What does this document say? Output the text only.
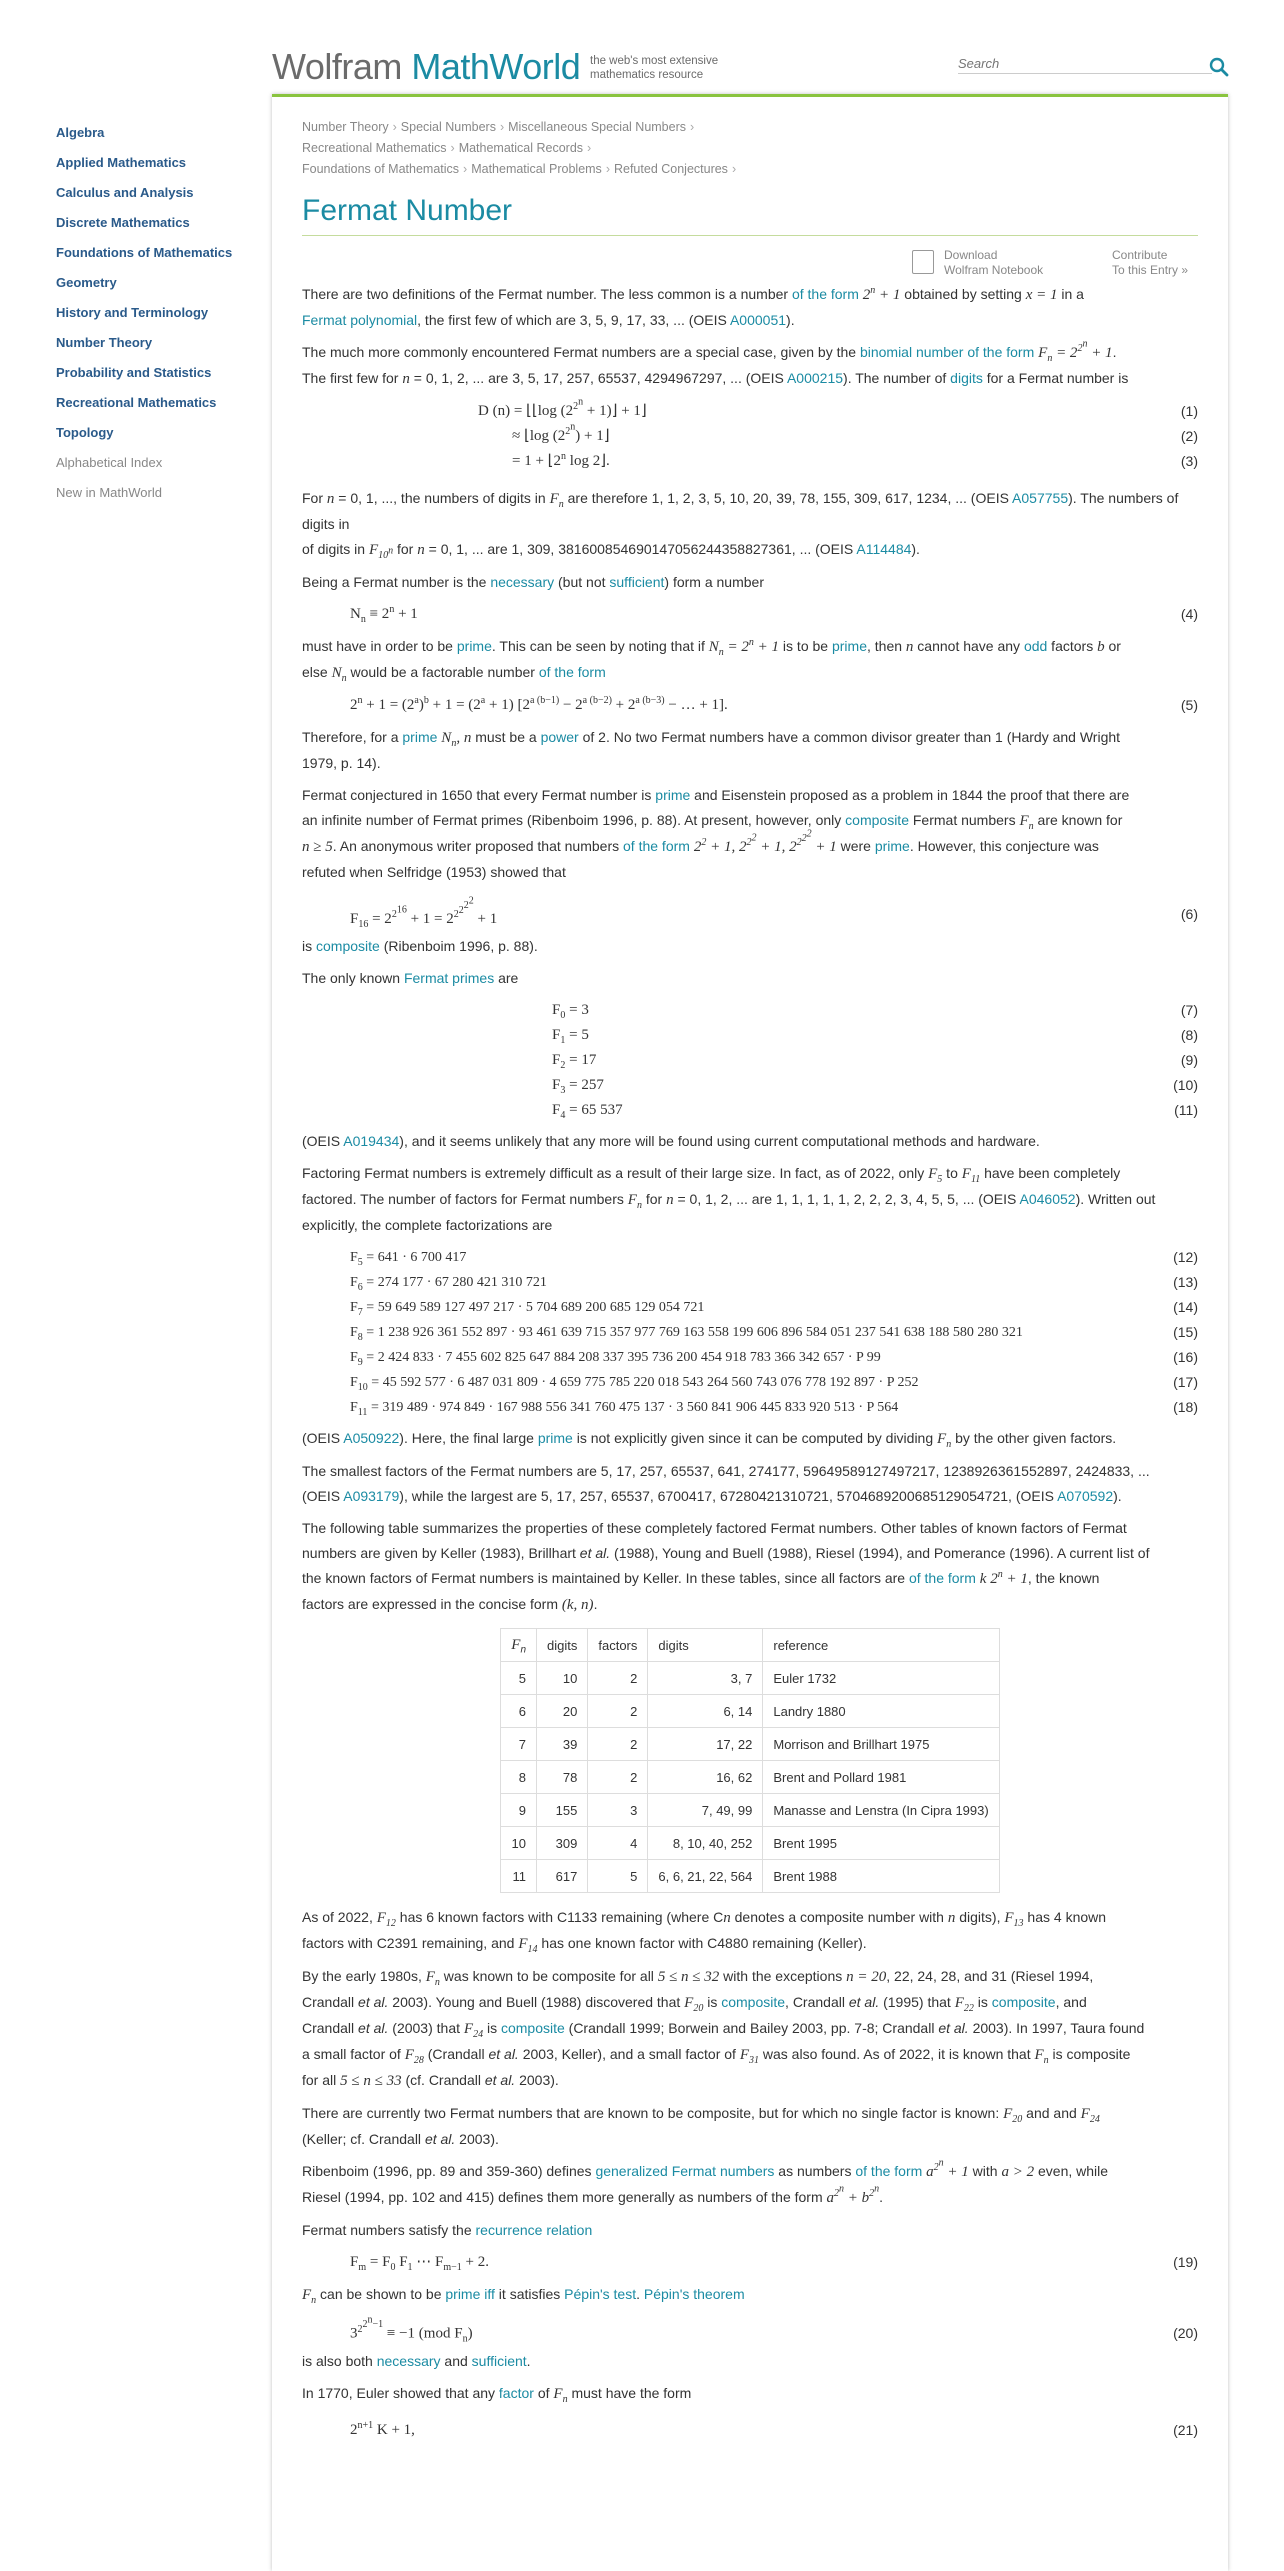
Wolfram MathWorld the web's most extensive
mathematics resource
Search
Algebra
Applied Mathematics
Calculus and Analysis
Discrete Mathematics
Foundations of Mathematics
Geometry
History and Terminology
Number Theory
Probability and Statistics
Recreational Mathematics
Topology
Alphabetical Index
New in MathWorld
Number Theory › Special Numbers › Miscellaneous Special Numbers ›
Recreational Mathematics › Mathematical Records ›
Foundations of Mathematics › Mathematical Problems › Refuted Conjectures ›
Fermat Number
Download
Wolfram Notebook
Contribute
To this Entry »

There are two definitions of the Fermat number. The less common is a number of the form $2^n + 1$ obtained by setting x = 1 in a
Fermat polynomial, the first few of which are 3, 5, 9, 17, 33, ... (OEIS A000051).

The much more commonly encountered Fermat numbers are a special case, given by the binomial number of the form $F_n = 2^{2^n} + 1$.
The first few for n = 0, 1, 2, ... are 3, 5, 17, 257, 65537, 4294967297, ... (OEIS A000215). The number of digits for a Fermat number is

D (n) = ⌊⌊log ($2^{2^n}$ + 1)⌋ + 1⌋	(1)
≈ ⌊log $(2^{2^n})$ + 1⌋	(2)
= $1 + ⌊2^n$ log 2⌋.	(3)

For n = 0, 1, ..., the numbers of digits in $F_n$ are therefore 1, 1, 2, 3, 5, 10, 20, 39, 78, 155, 309, 617, 1234, ... (OEIS A057755). The numbers of digits in
of digits in $F_{10^n}$ for n = 0, 1, ... are 1, 309, 3816008546901470562443588273​61, ... (OEIS A114484).

Being a Fermat number is the necessary (but not sufficient) form a number

$N_n \equiv 2^n + 1$	(4)

must have in order to be prime. This can be seen by noting that if $N_n = 2^n + 1$ is to be prime, then n cannot have any odd factors b or
else $N_n$ would be a factorable number of the form

$2^n + 1 = (2^a)^b + 1 = (2^a + 1) [2^{a (b-1)} - 2^{a (b-2)} + 2^{a (b-3)}$ − … + 1].	(5)

Therefore, for a prime $N_n$, n must be a power of 2. No two Fermat numbers have a common divisor greater than 1 (Hardy and Wright
1979, p. 14).

Fermat conjectured in 1650 that every Fermat number is prime and Eisenstein proposed as a problem in 1844 the proof that there are
an infinite number of Fermat primes (Ribenboim 1996, p. 88). At present, however, only composite Fermat numbers $F_n$ are known for
n ≥ 5. An anonymous writer proposed that numbers of the form $2^2 + 1$, $2^{2^2} + 1$, $2^{2^{2^2}} + 1$ were prime. However, this conjecture was
refuted when Selfridge (1953) showed that

$F_{16} = 2^{2^{16}} + 1 = 2^{2^{2^{2^2}}} + 1$	(6)

is composite (Ribenboim 1996, p. 88).

The only known Fermat primes are

$F_0 = 3$	(7)
$F_1 = 5$	(8)
$F_2 = 17$	(9)
$F_3 = 257$	(10)
$F_4 = 65$ 537	(11)

(OEIS A019434), and it seems unlikely that any more will be found using current computational methods and hardware.

Factoring Fermat numbers is extremely difficult as a result of their large size. In fact, as of 2022, only $F_5$ to $F_{11}$ have been completely
factored. The number of factors for Fermat numbers $F_n$ for n = 0, 1, 2, ... are 1, 1, 1, 1, 1, 2, 2, 2, 3, 4, 5, 5, ... (OEIS A046052). Written out
explicitly, the complete factorizations are

$F_5 = 641 \cdot 6$ 700 417	(12)
$F_6 = 274$ 177 · 67 280 421 310 721	(13)
$F_7 = 59$ 649 589 127 497 217 · 5 704 689 200 685 129 054 721	(14)
$F_8 = 1$ 238 926 361 552 897 · 93 461 639 715 357 977 769 163 558 199 606 896 584 051 237 541 638 188 580 280 321	(15)
$F_9 = 2$ 424 833 · 7 455 602 825 647 884 208 337 395 736 200 454 918 783 366 342 657 · P 99	(16)
$F_{10} = 45$ 592 577 · 6 487 031 809 · 4 659 775 785 220 018 543 264 560 743 076 778 192 897 · P 252	(17)
$F_{11} = 319$ 489 · 974 849 · 167 988 556 341 760 475 137 · 3 560 841 906 445 833 920 513 · P 564	(18)

(OEIS A050922). Here, the final large prime is not explicitly given since it can be computed by dividing $F_n$ by the other given factors.

The smallest factors of the Fermat numbers are 5, 17, 257, 65537, 641, 274177, 59649589127497217, 1238926361552897, 2424833, ...
(OEIS A093179), while the largest are 5, 17, 257, 65537, 6700417, 67280421310721, 5704689200685129054721, (OEIS A070592).

The following table summarizes the properties of these completely factored Fermat numbers. Other tables of known factors of Fermat
numbers are given by Keller (1983), Brillhart et al. (1988), Young and Buell (1988), Riesel (1994), and Pomerance (1996). A current list of
the known factors of Fermat numbers is maintained by Keller. In these tables, since all factors are of the form k $2^n + 1$, the known
factors are expressed in the concise form (k, n).

$F_n$	digits	factors	digits	reference
5	10	2	3, 7	Euler 1732
6	20	2	6, 14	Landry 1880
7	39	2	17, 22	Morrison and Brillhart 1975
8	78	2	16, 62	Brent and Pollard 1981
9	155	3	7, 49, 99	Manasse and Lenstra (In Cipra 1993)
10	309	4	8, 10, 40, 252	Brent 1995
11	617	5	6, 6, 21, 22, 564	Brent 1988

As of 2022, $F_{12}$ has 6 known factors with C1133 remaining (where Cn denotes a composite number with n digits), $F_{13}$ has 4 known
factors with C2391 remaining, and $F_{14}$ has one known factor with C4880 remaining (Keller).

By the early 1980s, $F_n$ was known to be composite for all 5 ≤ n ≤ 32 with the exceptions n = 20, 22, 24, 28, and 31 (Riesel 1994,
Crandall et al. 2003). Young and Buell (1988) discovered that $F_{20}$ is composite, Crandall et al. (1995) that $F_{22}$ is composite, and
Crandall et al. (2003) that $F_{24}$ is composite (Crandall 1999; Borwein and Bailey 2003, pp. 7-8; Crandall et al. 2003). In 1997, Taura found
a small factor of $F_{28}$ (Crandall et al. 2003, Keller), and a small factor of $F_{31}$ was also found. As of 2022, it is known that $F_n$ is composite
for all 5 ≤ n ≤ 33 (cf. Crandall et al. 2003).

There are currently two Fermat numbers that are known to be composite, but for which no single factor is known: $F_{20}$ and and $F_{24}$
(Keller; cf. Crandall et al. 2003).

Ribenboim (1996, pp. 89 and 359-360) defines generalized Fermat numbers as numbers of the form $a^{2^n} + 1$ with a > 2 even, while
Riesel (1994, pp. 102 and 415) defines them more generally as numbers of the form $a^{2^n} + b^{2^n}$.

Fermat numbers satisfy the recurrence relation

$F_m = F_0$ $F_1$ ⋯ $F_{m-1} + 2$.	(19)

$F_n$ can be shown to be prime iff it satisfies Pépin's test. Pépin's theorem

$3^{2^{2^n-1}} \equiv -1$ (mod $F_n$)	(20)

is also both necessary and sufficient.

In 1770, Euler showed that any factor of $F_n$ must have the form

$2^{n+1}$ K + 1,	(21)
